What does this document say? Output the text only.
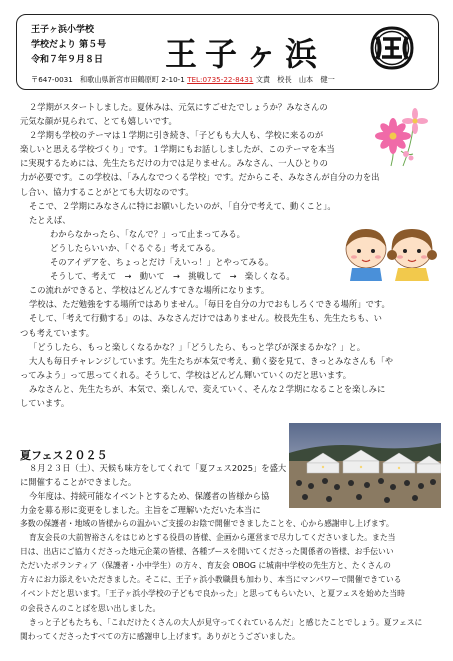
王子ヶ浜小学校
学校だより 第５号
令和７年９月８日 王子ヶ浜
〒647-0031　和歌山県新宮市田鶴原町 2-10-1 TEL:0735-22-8431 文責　校長　山本　健一
２学期がスタートしました。夏休みは、元気にすごせたでしょうか？みなさんの
元気な顔が見られて、とても嬉しいです。
２学期も学校のテーマは１学期に引き続き、「子どもも大人も、学校に来るのが
楽しいと思える学校づくり」です。１学期にもお話ししましたが、このテーマを本当
に実現するためには、先生たちだけの力では足りません。みなさん、一人ひとりの
力が必要です。この学校は、「みんなでつくる学校」です。だからこそ、みなさんが自分の力を出
し合い、協力することがとても大切なのです。
そこで、２学期にみなさんに特にお願いしたいのが、「自分で考えて、動くこと」。
たとえば、
わからなかったら、「なんで？」って止まってみる。
どうしたらいいか、「ぐるぐる」考えてみる。
そのアイデアを、ちょっとだけ「えいっ！」とやってみる。
そうして、考えて　→　動いて　→　挑戦して　→　楽しくなる。
この流れができると、学校はどんどんすてきな場所になります。
学校は、ただ勉強をする場所ではありません。「毎日を自分の力でおもしろくできる場所」です。
そして、「考えて行動する」のは、みなさんだけではありません。校長先生も、先生たちも、い
つも考えています。
「どうしたら、もっと楽しくなるかな？」「どうしたら、もっと学びが深まるかな？」と。
大人も毎日チャレンジしています。先生たちが本気で考え、動く姿を見て、きっとみなさんも「や
ってみよう」って思ってくれる。そうして、学校はどんどん輝いていくのだと思います。
みなさんと、先生たちが、本気で、楽しんで、変えていく、そんな２学期になることを楽しみに
しています。
夏フェス２０２５
８月２３日（土）、天候も味方をしてくれて「夏フェス2025」を盛大
に開催することができました。
今年度は、持続可能なイベントとするため、保護者の皆様から協
力金を募る形に変更をしました。主旨をご理解いただいた本当に
多数の保護者・地域の皆様からの温かいご支援のお陰で開催できましたことを、心から感謝申し上げます。
育友会長の大前智裕さんをはじめとする役員の皆様、企画から運営まで尽力してくださいました。また当
日は、出店にご協力くださった地元企業の皆様、各種ブースを開いてくださった関係者の皆様、お手伝いい
ただいたボランティア（保護者・小中学生）の方々、育友会 OBOG に城南中学校の先生方と、たくさんの
方々にお力添えをいただきました。そこに、王子ヶ浜小教職員も加わり、本当にマンパワーで開催できている
イベントだと思います。「王子ヶ浜小学校の子どもで良かった」と思ってもらいたい、と夏フェスを始めた当時
の会長さんのことばを思い出しました。
きっと子どもたちも、「これだけたくさんの大人が見守ってくれているんだ」と感じたことでしょう。夏フェスに
関わってくださったすべての方に感謝申し上げます。ありがとうございました。
